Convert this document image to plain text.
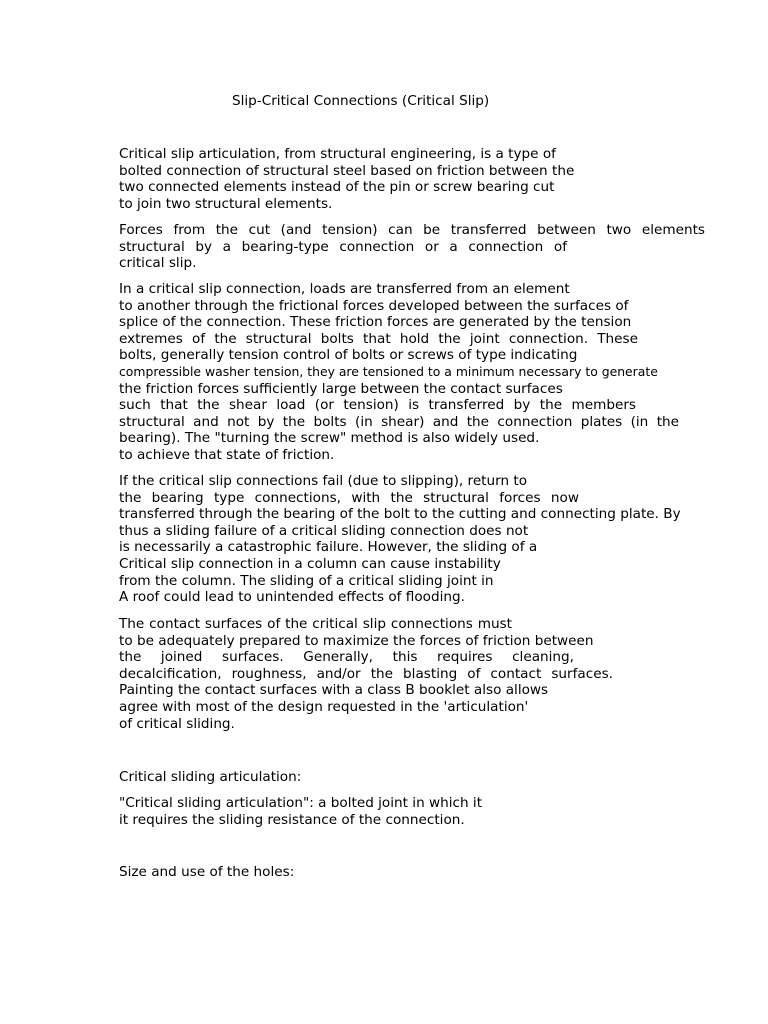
Slip-Critical Connections (Critical Slip)
Critical slip articulation, from structural engineering, is a type of
bolted connection of structural steel based on friction between the
two connected elements instead of the pin or screw bearing cut
to join two structural elements.
Forces from the cut (and tension) can be transferred between two elements
structural by a bearing-type connection or a connection of
critical slip.
In a critical slip connection, loads are transferred from an element
to another through the frictional forces developed between the surfaces of
splice of the connection. These friction forces are generated by the tension
extremes of the structural bolts that hold the joint connection. These
bolts, generally tension control of bolts or screws of type indicating
compressible washer tension, they are tensioned to a minimum necessary to generate
the friction forces sufficiently large between the contact surfaces
such that the shear load (or tension) is transferred by the members
structural and not by the bolts (in shear) and the connection plates (in the
bearing). The "turning the screw" method is also widely used.
to achieve that state of friction.
If the critical slip connections fail (due to slipping), return to
the bearing type connections, with the structural forces now
transferred through the bearing of the bolt to the cutting and connecting plate. By
thus a sliding failure of a critical sliding connection does not
is necessarily a catastrophic failure. However, the sliding of a
Critical slip connection in a column can cause instability
from the column. The sliding of a critical sliding joint in
A roof could lead to unintended effects of flooding.
The contact surfaces of the critical slip connections must
to be adequately prepared to maximize the forces of friction between
the joined surfaces. Generally, this requires cleaning,
decalcification, roughness, and/or the blasting of contact surfaces.
Painting the contact surfaces with a class B booklet also allows
agree with most of the design requested in the 'articulation'
of critical sliding.
Critical sliding articulation:
"Critical sliding articulation": a bolted joint in which it
it requires the sliding resistance of the connection.
Size and use of the holes:
